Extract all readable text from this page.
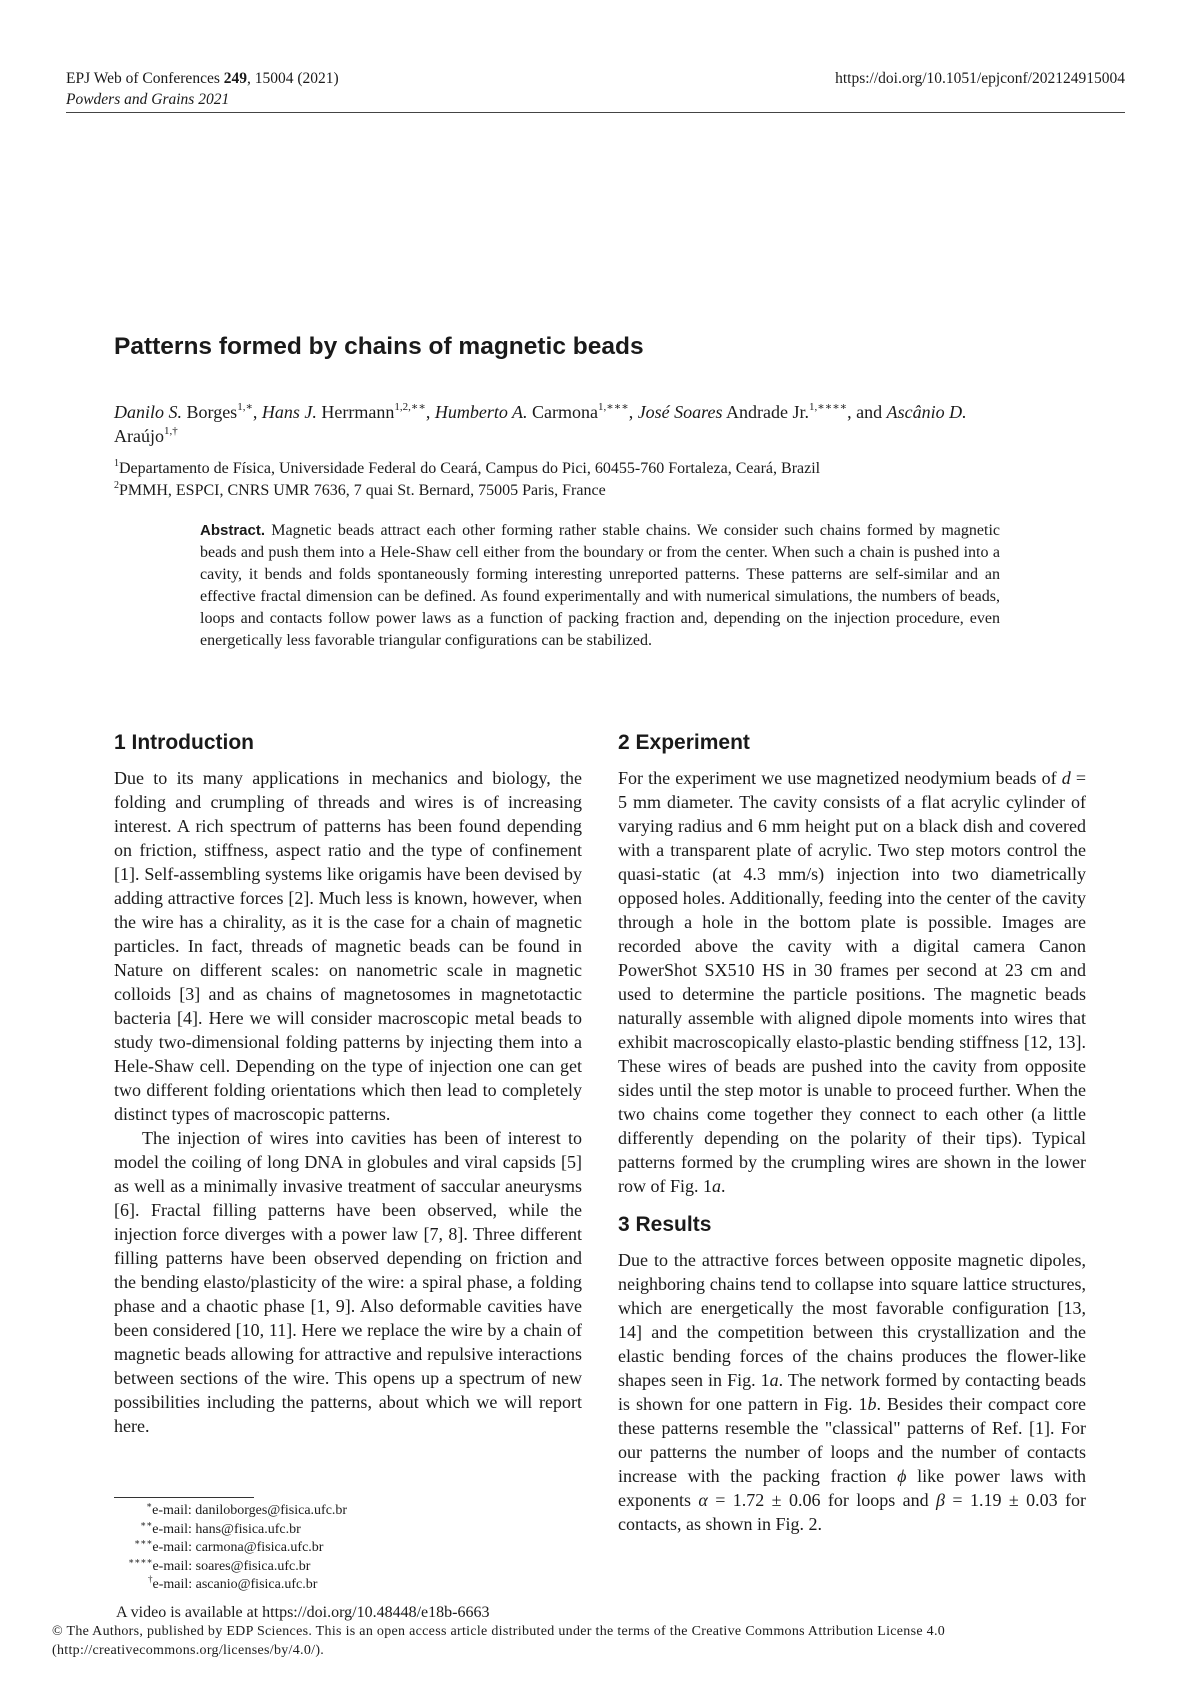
EPJ Web of Conferences 249, 15004 (2021)
Powders and Grains 2021
https://doi.org/10.1051/epjconf/202124915004
Patterns formed by chains of magnetic beads
Danilo S. Borges$^{1,∗}$, Hans J. Herrmann$^{1,2,∗∗}$, Humberto A. Carmona$^{1,∗∗∗}$, José Soares Andrade Jr.$^{1,∗∗∗∗}$, and Ascânio D.
Araújo$^{1,\dagger}$
$^1$Departamento de Física, Universidade Federal do Ceará, Campus do Pici, 60455-760 Fortaleza, Ceará, Brazil
$^2$PMMH, ESPCI, CNRS UMR 7636, 7 quai St. Bernard, 75005 Paris, France
Abstract. Magnetic beads attract each other forming rather stable chains. We consider such chains formed by magnetic beads and push them into a Hele-Shaw cell either from the boundary or from the center. When such a chain is pushed into a cavity, it bends and folds spontaneously forming interesting unreported patterns. These patterns are self-similar and an effective fractal dimension can be defined. As found experimentally and with numerical simulations, the numbers of beads, loops and contacts follow power laws as a function of packing fraction and, depending on the injection procedure, even energetically less favorable triangular configurations can be stabilized.
1 Introduction

Due to its many applications in mechanics and biology, the folding and crumpling of threads and wires is of increasing interest. A rich spectrum of patterns has been found depending on friction, stiffness, aspect ratio and the type of confinement [1]. Self-assembling systems like origamis have been devised by adding attractive forces [2]. Much less is known, however, when the wire has a chirality, as it is the case for a chain of magnetic particles. In fact, threads of magnetic beads can be found in Nature on different scales: on nanometric scale in magnetic colloids [3] and as chains of magnetosomes in magnetotactic bacteria [4]. Here we will consider macroscopic metal beads to study two-dimensional folding patterns by injecting them into a Hele-Shaw cell. Depending on the type of injection one can get two different folding orientations which then lead to completely distinct types of macroscopic patterns.

The injection of wires into cavities has been of interest to model the coiling of long DNA in globules and viral capsids [5] as well as a minimally invasive treatment of saccular aneurysms [6]. Fractal filling patterns have been observed, while the injection force diverges with a power law [7, 8]. Three different filling patterns have been observed depending on friction and the bending elasto/plasticity of the wire: a spiral phase, a folding phase and a chaotic phase [1, 9]. Also deformable cavities have been considered [10, 11]. Here we replace the wire by a chain of magnetic beads allowing for attractive and repulsive interactions between sections of the wire. This opens up a spectrum of new possibilities including the patterns, about which we will report here.

2 Experiment

For the experiment we use magnetized neodymium beads of d = 5 mm diameter. The cavity consists of a flat acrylic cylinder of varying radius and 6 mm height put on a black dish and covered with a transparent plate of acrylic. Two step motors control the quasi-static (at 4.3 mm/s) injection into two diametrically opposed holes. Additionally, feeding into the center of the cavity through a hole in the bottom plate is possible. Images are recorded above the cavity with a digital camera Canon PowerShot SX510 HS in 30 frames per second at 23 cm and used to determine the particle positions. The magnetic beads naturally assemble with aligned dipole moments into wires that exhibit macroscopically elasto-plastic bending stiffness [12, 13]. These wires of beads are pushed into the cavity from opposite sides until the step motor is unable to proceed further. When the two chains come together they connect to each other (a little differently depending on the polarity of their tips). Typical patterns formed by the crumpling wires are shown in the lower row of Fig. 1a.

3 Results

Due to the attractive forces between opposite magnetic dipoles, neighboring chains tend to collapse into square lattice structures, which are energetically the most favorable configuration [13, 14] and the competition between this crystallization and the elastic bending forces of the chains produces the flower-like shapes seen in Fig. 1a. The network formed by contacting beads is shown for one pattern in Fig. 1b. Besides their compact core these patterns resemble the "classical" patterns of Ref. [1]. For our patterns the number of loops and the number of contacts increase with the packing fraction ϕ like power laws with exponents α = 1.72 ± 0.06 for loops and β = 1.19 ± 0.03 for contacts, as shown in Fig. 2.

∗e-mail: daniloborges@fisica.ufc.br
∗∗e-mail: hans@fisica.ufc.br
∗∗∗e-mail: carmona@fisica.ufc.br
∗∗∗∗e-mail: soares@fisica.ufc.br
†e-mail: ascanio@fisica.ufc.br
A video is available at https://doi.org/10.48448/e18b-6663
© The Authors, published by EDP Sciences. This is an open access article distributed under the terms of the Creative Commons Attribution License 4.0 (http://creativecommons.org/licenses/by/4.0/).
